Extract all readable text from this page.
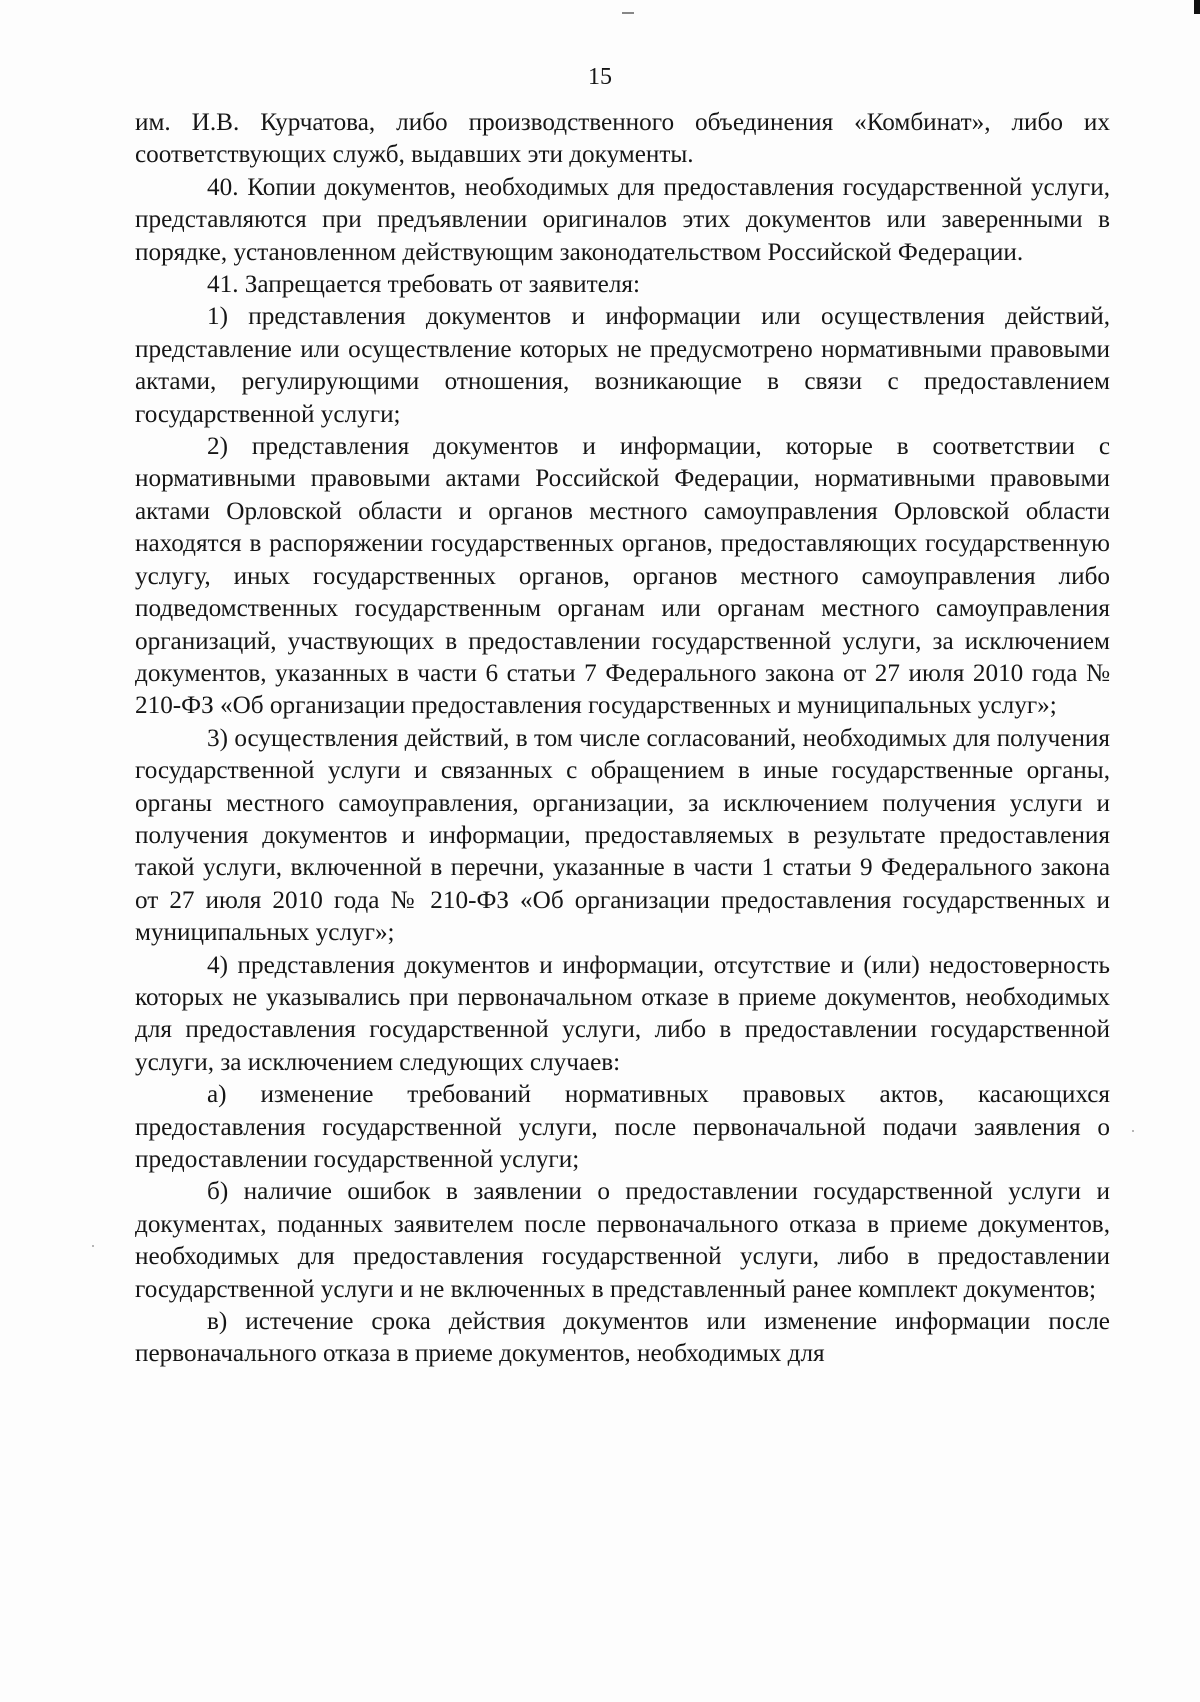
15

им. И.В. Курчатова, либо производственного объединения «Комбинат», либо их соответствующих служб, выдавших эти документы.

40. Копии документов, необходимых для предоставления государственной услуги, представляются при предъявлении оригиналов этих документов или заверенными в порядке, установленном действующим законодательством Российской Федерации.

41. Запрещается требовать от заявителя:

1) представления документов и информации или осуществления действий, представление или осуществление которых не предусмотрено нормативными правовыми актами, регулирующими отношения, возникающие в связи с предоставлением государственной услуги;

2) представления документов и информации, которые в соответствии с нормативными правовыми актами Российской Федерации, нормативными правовыми актами Орловской области и органов местного самоуправления Орловской области находятся в распоряжении государственных органов, предоставляющих государственную услугу, иных государственных органов, органов местного самоуправления либо подведомственных государственным органам или органам местного самоуправления организаций, участвующих в предоставлении государственной услуги, за исключением документов, указанных в части 6 статьи 7 Федерального закона от 27 июля 2010 года № 210-ФЗ «Об организации предоставления государственных и муниципальных услуг»;

3) осуществления действий, в том числе согласований, необходимых для получения государственной услуги и связанных с обращением в иные государственные органы, органы местного самоуправления, организации, за исключением получения услуги и получения документов и информации, предоставляемых в результате предоставления такой услуги, включенной в перечни, указанные в части 1 статьи 9 Федерального закона от 27 июля 2010 года № 210-ФЗ «Об организации предоставления государственных и муниципальных услуг»;

4) представления документов и информации, отсутствие и (или) недостоверность которых не указывались при первоначальном отказе в приеме документов, необходимых для предоставления государственной услуги, либо в предоставлении государственной услуги, за исключением следующих случаев:

а) изменение требований нормативных правовых актов, касающихся предоставления государственной услуги, после первоначальной подачи заявления о предоставлении государственной услуги;

б) наличие ошибок в заявлении о предоставлении государственной услуги и документах, поданных заявителем после первоначального отказа в приеме документов, необходимых для предоставления государственной услуги, либо в предоставлении государственной услуги и не включенных в представленный ранее комплект документов;

в) истечение срока действия документов или изменение информации после первоначального отказа в приеме документов, необходимых для
